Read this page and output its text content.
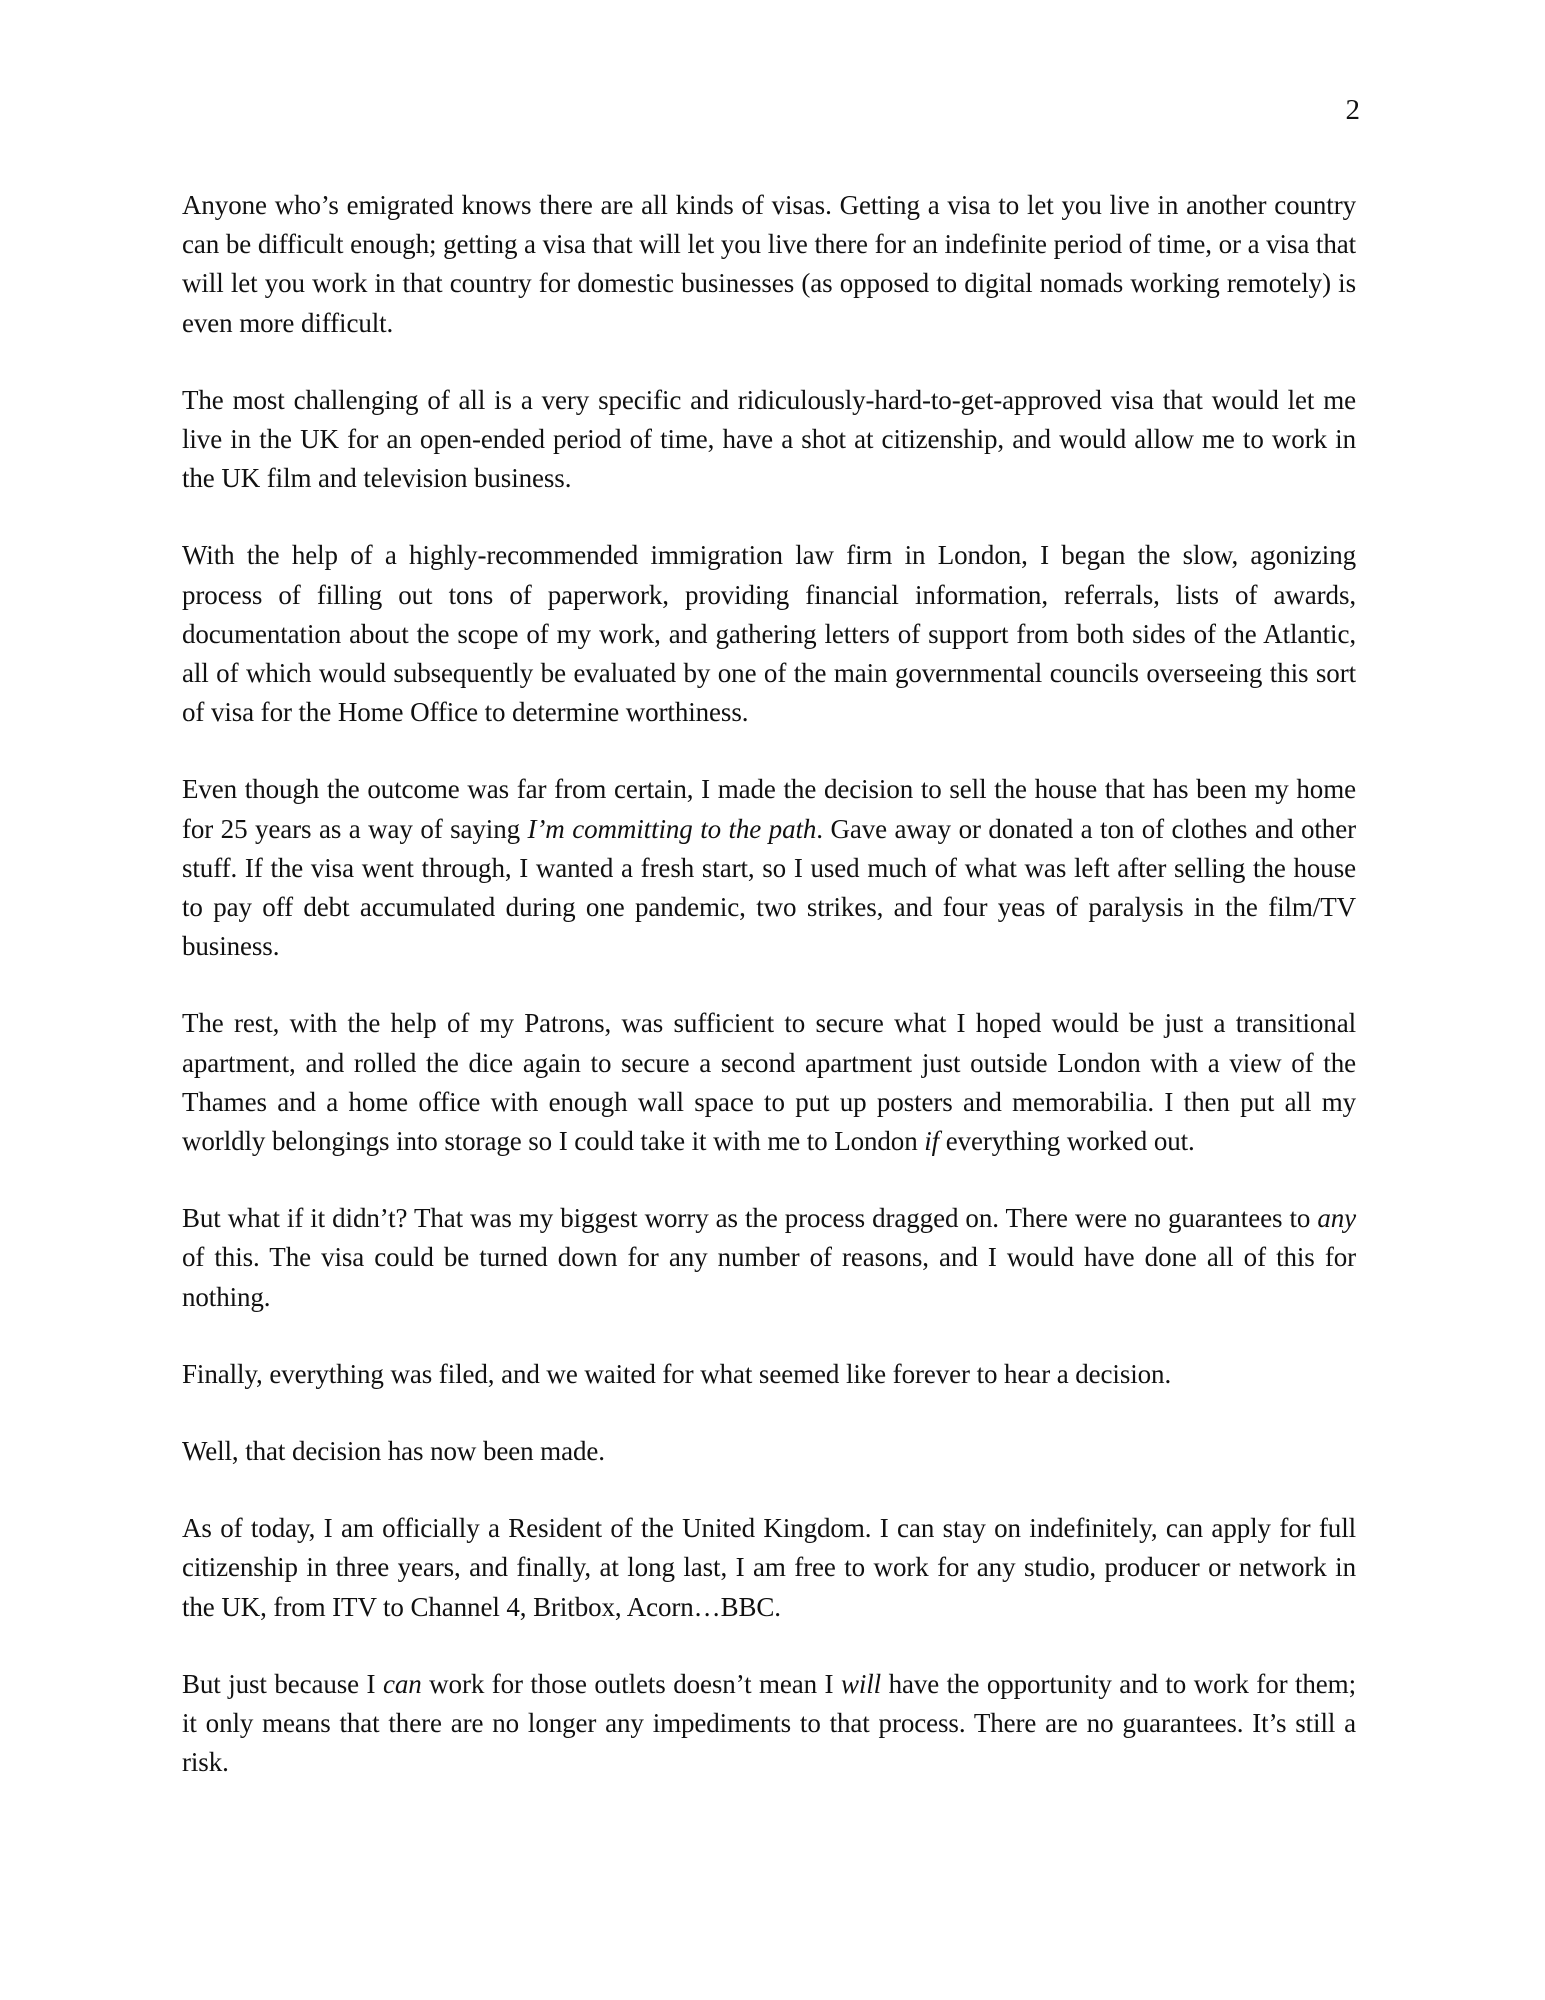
2

Anyone who’s emigrated knows there are all kinds of visas. Getting a visa to let you live in another country can be difficult enough; getting a visa that will let you live there for an indefinite period of time, or a visa that will let you work in that country for domestic businesses (as opposed to digital nomads working remotely) is even more difficult.

The most challenging of all is a very specific and ridiculously-hard-to-get-approved visa that would let me live in the UK for an open-ended period of time, have a shot at citizenship, and would allow me to work in the UK film and television business.

With the help of a highly-recommended immigration law firm in London, I began the slow, agonizing process of filling out tons of paperwork, providing financial information, referrals, lists of awards, documentation about the scope of my work, and gathering letters of support from both sides of the Atlantic, all of which would subsequently be evaluated by one of the main governmental councils overseeing this sort of visa for the Home Office to determine worthiness.

Even though the outcome was far from certain, I made the decision to sell the house that has been my home for 25 years as a way of saying I’m committing to the path. Gave away or donated a ton of clothes and other stuff. If the visa went through, I wanted a fresh start, so I used much of what was left after selling the house to pay off debt accumulated during one pandemic, two strikes, and four yeas of paralysis in the film/TV business.

The rest, with the help of my Patrons, was sufficient to secure what I hoped would be just a transitional apartment, and rolled the dice again to secure a second apartment just outside London with a view of the Thames and a home office with enough wall space to put up posters and memorabilia. I then put all my worldly belongings into storage so I could take it with me to London if everything worked out.

But what if it didn’t? That was my biggest worry as the process dragged on. There were no guarantees to any of this. The visa could be turned down for any number of reasons, and I would have done all of this for nothing.

Finally, everything was filed, and we waited for what seemed like forever to hear a decision.

Well, that decision has now been made.

As of today, I am officially a Resident of the United Kingdom. I can stay on indefinitely, can apply for full citizenship in three years, and finally, at long last, I am free to work for any studio, producer or network in the UK, from ITV to Channel 4, Britbox, Acorn…BBC.

But just because I can work for those outlets doesn’t mean I will have the opportunity and to work for them; it only means that there are no longer any impediments to that process. There are no guarantees. It’s still a risk.
